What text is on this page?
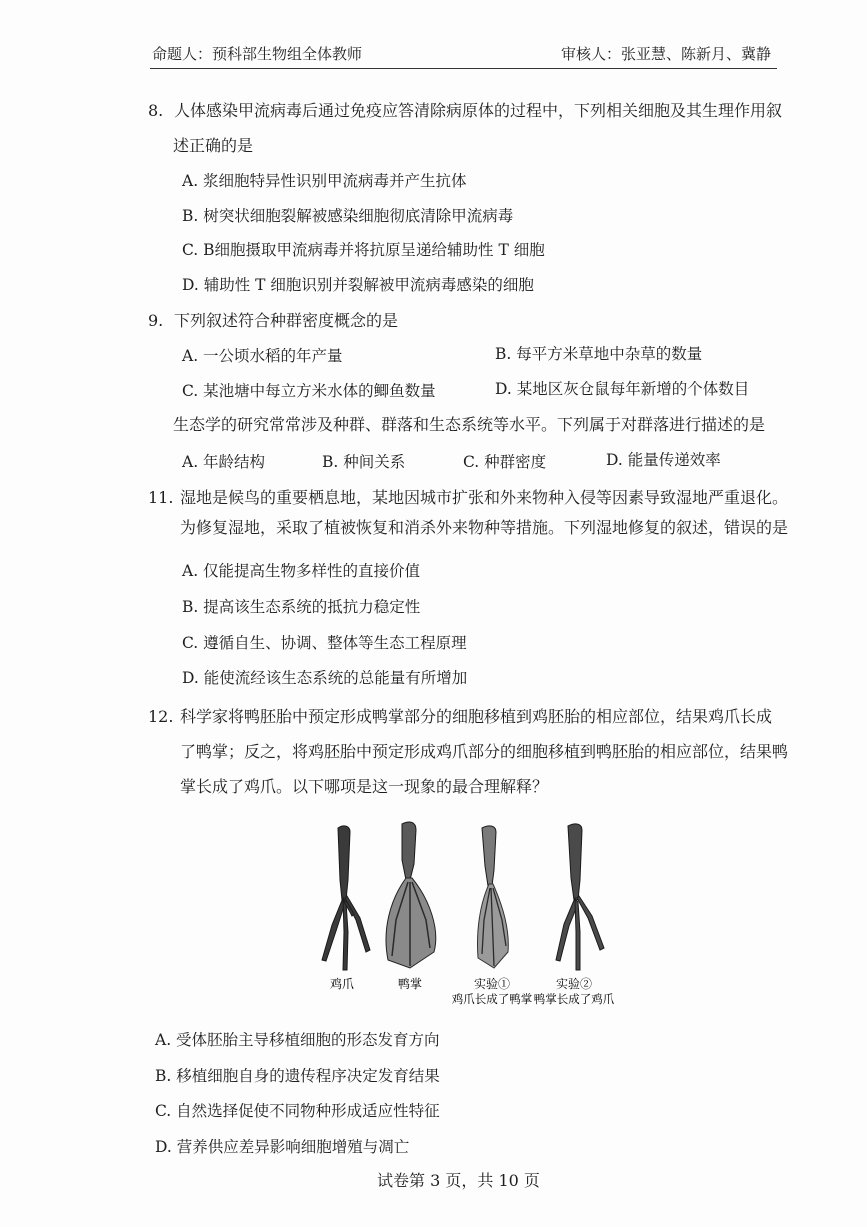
命题人：预科部生物组全体教师	审核人：张亚慧、陈新月、冀静
8. 人体感染甲流病毒后通过免疫应答清除病原体的过程中，下列相关细胞及其生理作用叙
述正确的是
A. 浆细胞特异性识别甲流病毒并产生抗体
B. 树突状细胞裂解被感染细胞彻底清除甲流病毒
C. B细胞摄取甲流病毒并将抗原呈递给辅助性 T 细胞
D. 辅助性 T 细胞识别并裂解被甲流病毒感染的细胞
9. 下列叙述符合种群密度概念的是
A. 一公顷水稻的年产量	B. 每平方米草地中杂草的数量
C. 某池塘中每立方米水体的鲫鱼数量	D. 某地区灰仓鼠每年新增的个体数目
生态学的研究常常涉及种群、群落和生态系统等水平。下列属于对群落进行描述的是
A. 年龄结构	B. 种间关系	C. 种群密度	D. 能量传递效率
11. 湿地是候鸟的重要栖息地，某地因城市扩张和外来物种入侵等因素导致湿地严重退化。
为修复湿地，采取了植被恢复和消杀外来物种等措施。下列湿地修复的叙述，错误的是
A. 仅能提高生物多样性的直接价值
B. 提高该生态系统的抵抗力稳定性
C. 遵循自生、协调、整体等生态工程原理
D. 能使流经该生态系统的总能量有所增加
12. 科学家将鸭胚胎中预定形成鸭掌部分的细胞移植到鸡胚胎的相应部位，结果鸡爪长成
了鸭掌；反之，将鸡胚胎中预定形成鸡爪部分的细胞移植到鸭胚胎的相应部位，结果鸭
掌长成了鸡爪。以下哪项是这一现象的最合理解释？
鸡爪	鸭掌	实验①	实验②
鸡爪长成了鸭掌 鸭掌长成了鸡爪
A. 受体胚胎主导移植细胞的形态发育方向
B. 移植细胞自身的遗传程序决定发育结果
C. 自然选择促使不同物种形成适应性特征
D. 营养供应差异影响细胞增殖与凋亡
试卷第 3 页，共 10 页
